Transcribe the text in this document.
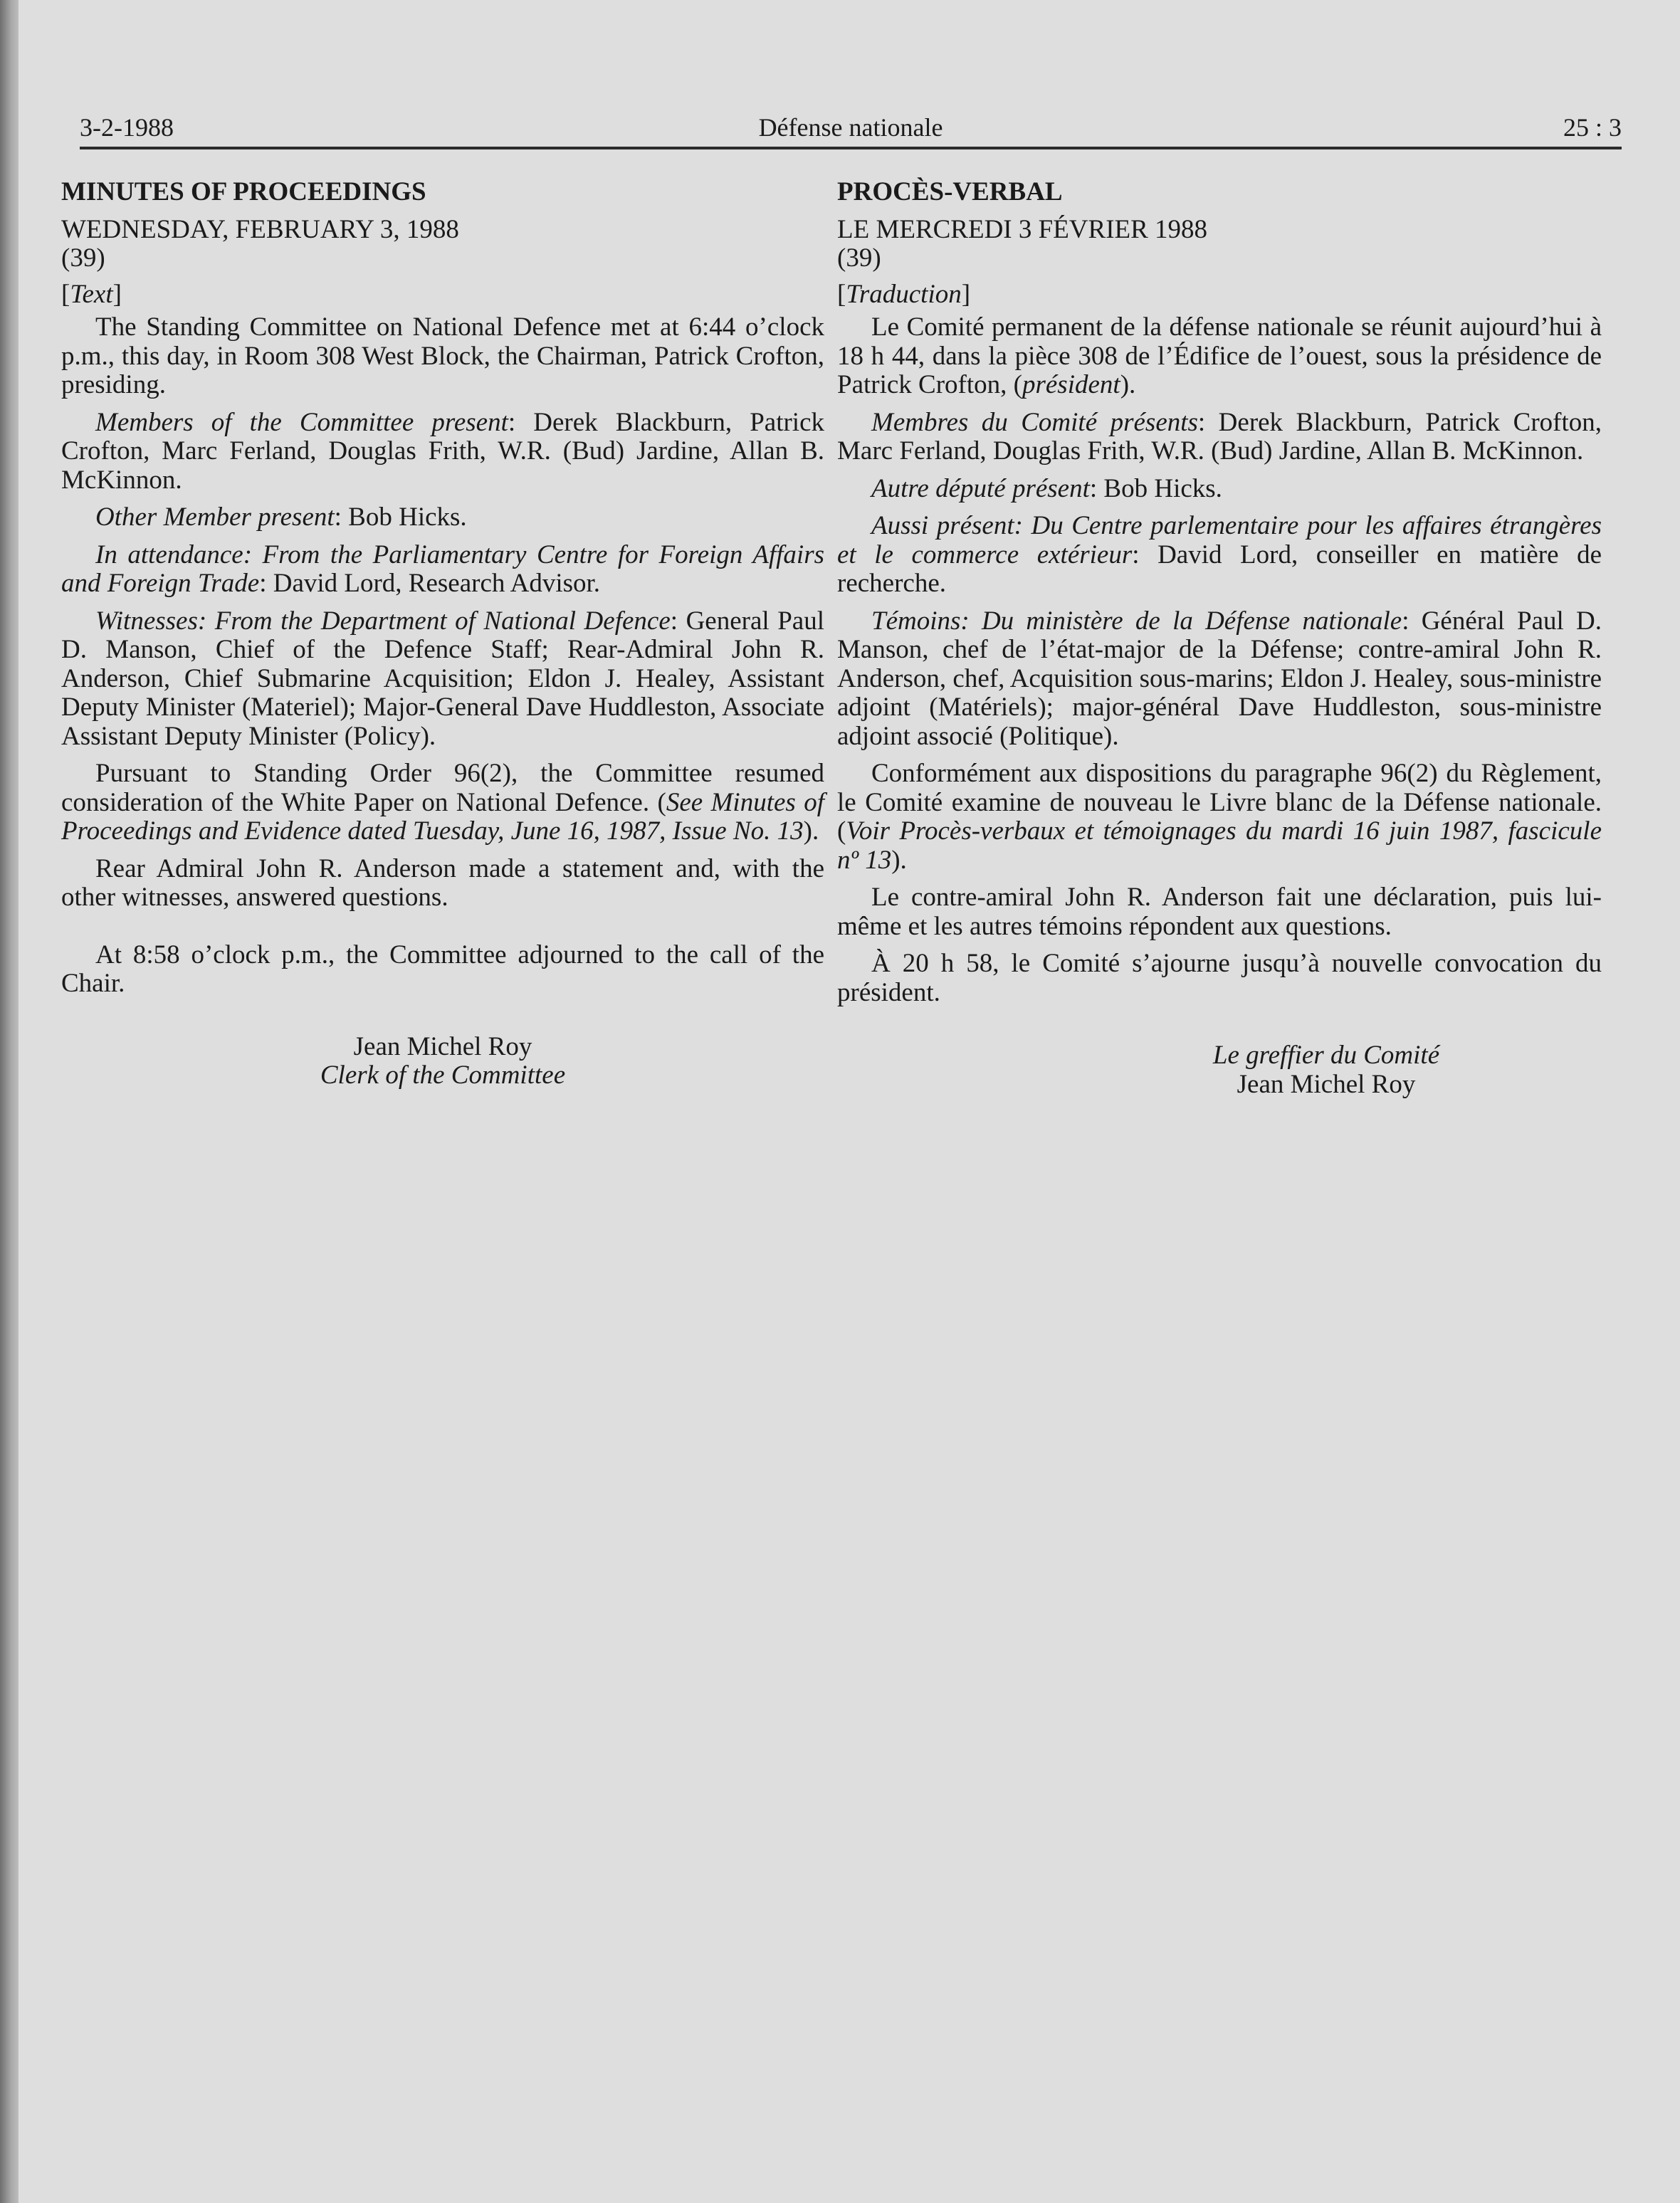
3-2-1988	Défense nationale	25 : 3

MINUTES OF PROCEEDINGS

WEDNESDAY, FEBRUARY 3, 1988

(39)

[Text]

The Standing Committee on National Defence met at 6:44 o’clock p.m., this day, in Room 308 West Block, the Chairman, Patrick Crofton, presiding.

Members of the Committee present: Derek Blackburn, Patrick Crofton, Marc Ferland, Douglas Frith, W.R. (Bud) Jardine, Allan B. McKinnon.

Other Member present: Bob Hicks.

In attendance: From the Parliamentary Centre for Foreign Affairs and Foreign Trade: David Lord, Research Advisor.

Witnesses: From the Department of National Defence: General Paul D. Manson, Chief of the Defence Staff; Rear-Admiral John R. Anderson, Chief Submarine Acquisition; Eldon J. Healey, Assistant Deputy Minister (Materiel); Major-General Dave Huddleston, Associate Assistant Deputy Minister (Policy).

Pursuant to Standing Order 96(2), the Committee resumed consideration of the White Paper on National Defence. (See Minutes of Proceedings and Evidence dated Tuesday, June 16, 1987, Issue No. 13).

Rear Admiral John R. Anderson made a statement and, with the other witnesses, answered questions.

At 8:58 o’clock p.m., the Committee adjourned to the call of the Chair.

Jean Michel Roy

Clerk of the Committee

PROCÈS-VERBAL

LE MERCREDI 3 FÉVRIER 1988

(39)

[Traduction]

Le Comité permanent de la défense nationale se réunit aujourd’hui à 18 h 44, dans la pièce 308 de l’Édifice de l’ouest, sous la présidence de Patrick Crofton, (président).

Membres du Comité présents: Derek Blackburn, Patrick Crofton, Marc Ferland, Douglas Frith, W.R. (Bud) Jardine, Allan B. McKinnon.

Autre député présent: Bob Hicks.

Aussi présent: Du Centre parlementaire pour les affaires étrangères et le commerce extérieur: David Lord, conseiller en matière de recherche.

Témoins: Du ministère de la Défense nationale: Général Paul D. Manson, chef de l’état-major de la Défense; contre-amiral John R. Anderson, chef, Acquisition sous-marins; Eldon J. Healey, sous-ministre adjoint (Matériels); major-général Dave Huddleston, sous-ministre adjoint associé (Politique).

Conformément aux dispositions du paragraphe 96(2) du Règlement, le Comité examine de nouveau le Livre blanc de la Défense nationale. (Voir Procès-verbaux et témoignages du mardi 16 juin 1987, fascicule nº 13).

Le contre-amiral John R. Anderson fait une déclaration, puis lui-même et les autres témoins répondent aux questions.

À 20 h 58, le Comité s’ajourne jusqu’à nouvelle convocation du président.

Le greffier du Comité

Jean Michel Roy
